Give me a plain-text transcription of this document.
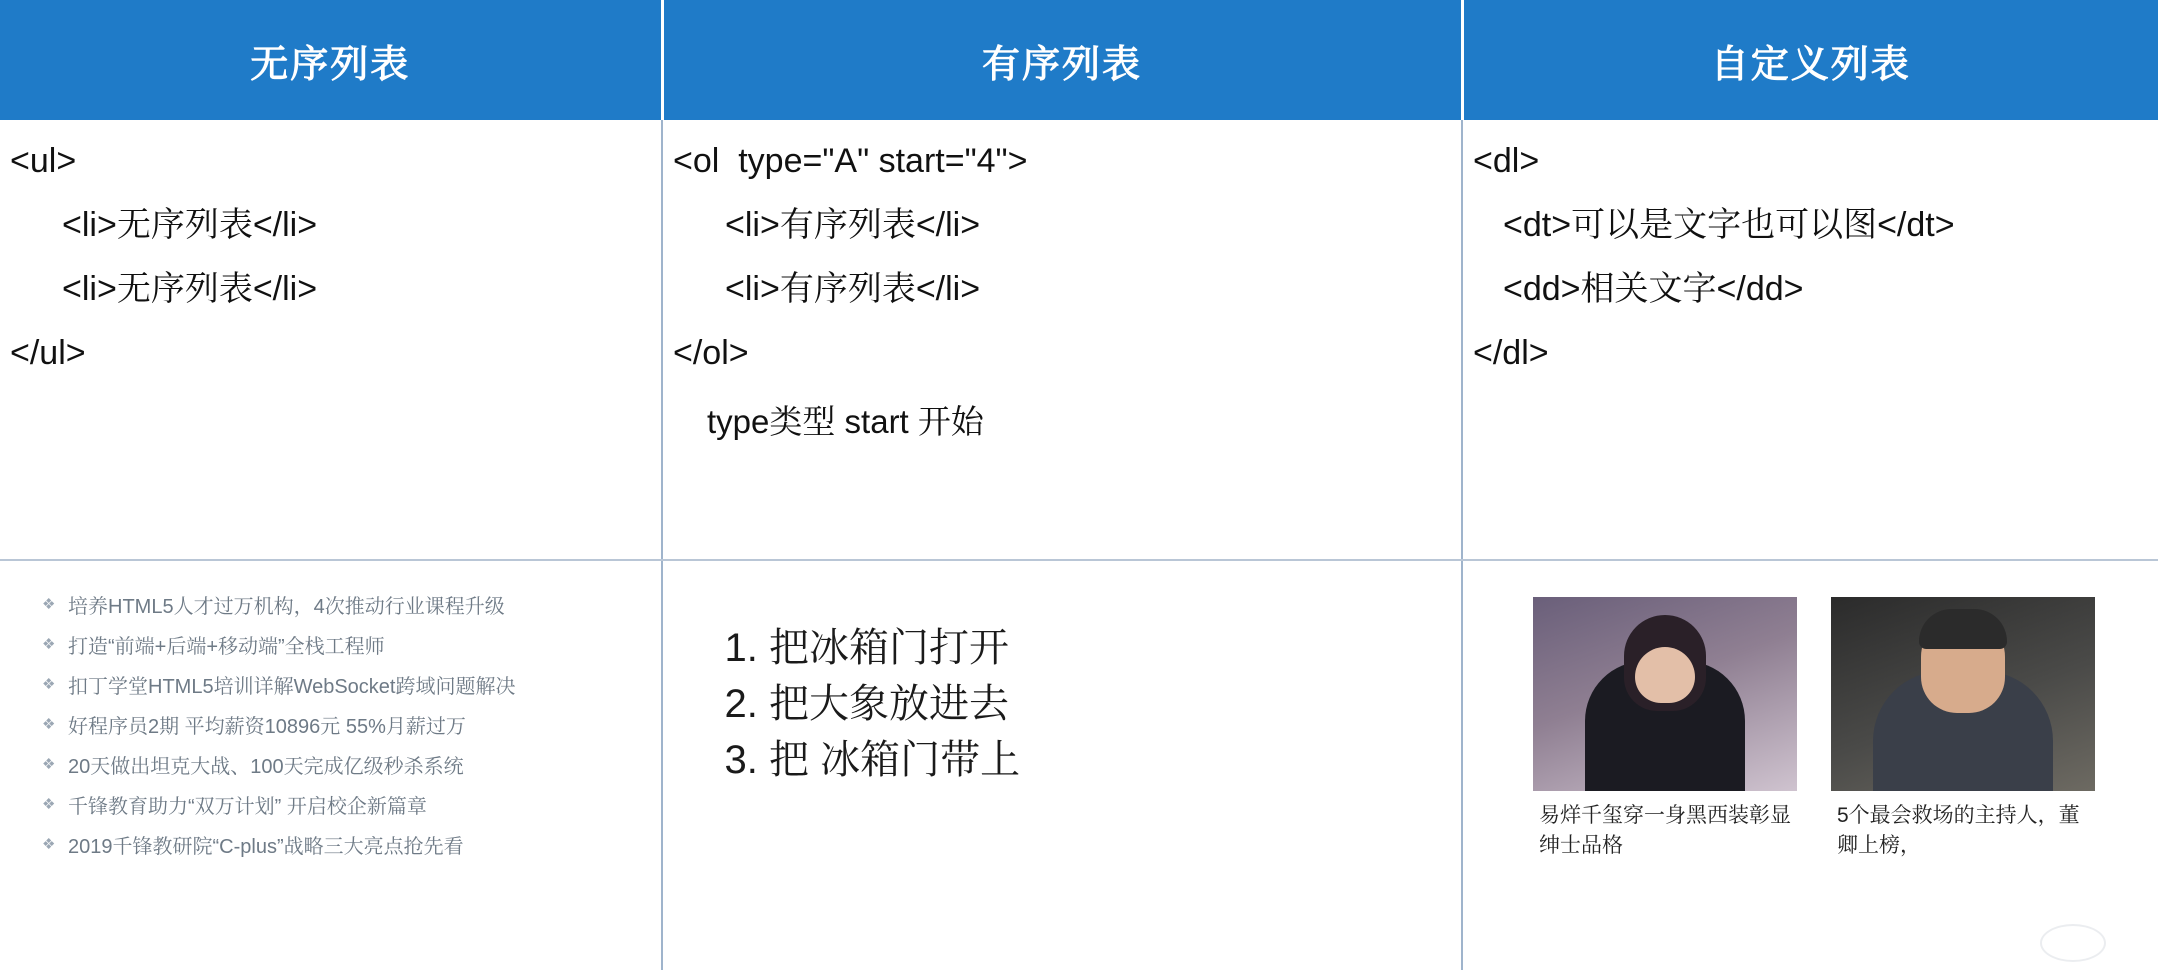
无序列表	有序列表	自定义列表

<ul>
<li>无序列表</li>
<li>无序列表</li>
</ul>

<ol  type="A" start="4">
<li>有序列表</li>
<li>有序列表</li>
</ol>
type类型 start 开始

<dl>
<dt>可以是文字也可以图</dt>
<dd>相关文字</dd>
</dl>

❖ 培养HTML5人才过万机构，4次推动行业课程升级
❖ 打造“前端+后端+移动端”全栈工程师
❖ 扣丁学堂HTML5培训详解WebSocket跨域问题解决
❖ 好程序员2期 平均薪资10896元 55%月薪过万
❖ 20天做出坦克大战、100天完成亿级秒杀系统
❖ 千锋教育助力“双万计划” 开启校企新篇章
❖ 2019千锋教研院“C-plus”战略三大亮点抢先看

1. 把冰箱门打开
2. 把大象放进去
3. 把 冰箱门带上

易烊千玺穿一身黑西装彰显绅士品格
5个最会救场的主持人，董卿上榜，
